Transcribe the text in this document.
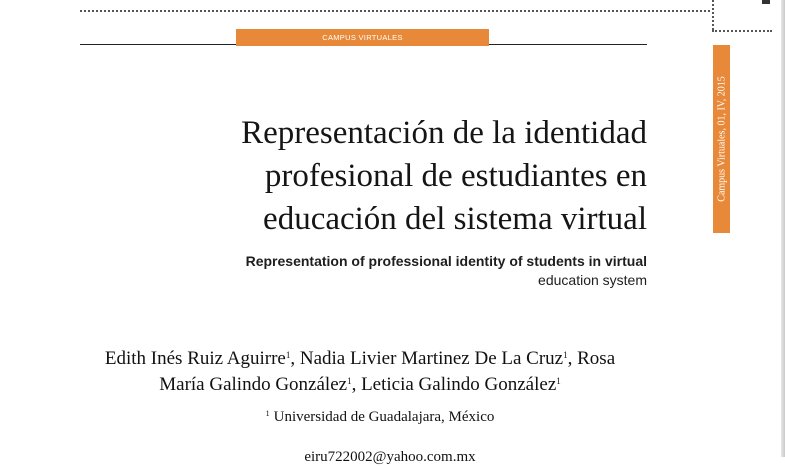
CAMPUS VIRTUALES
Campus Virtuales, 01, IV, 2015
Representación de la identidad
profesional de estudiantes en
educación del sistema virtual
Representation of professional identity of students in virtual
education system
Edith Inés Ruiz Aguirre$^1$, Nadia Livier Martinez De La Cruz$^1$, Rosa
María Galindo González$^1$, Leticia Galindo González$^1$
$^1$ Universidad de Guadalajara, México
eiru722002@yahoo.com.mx
